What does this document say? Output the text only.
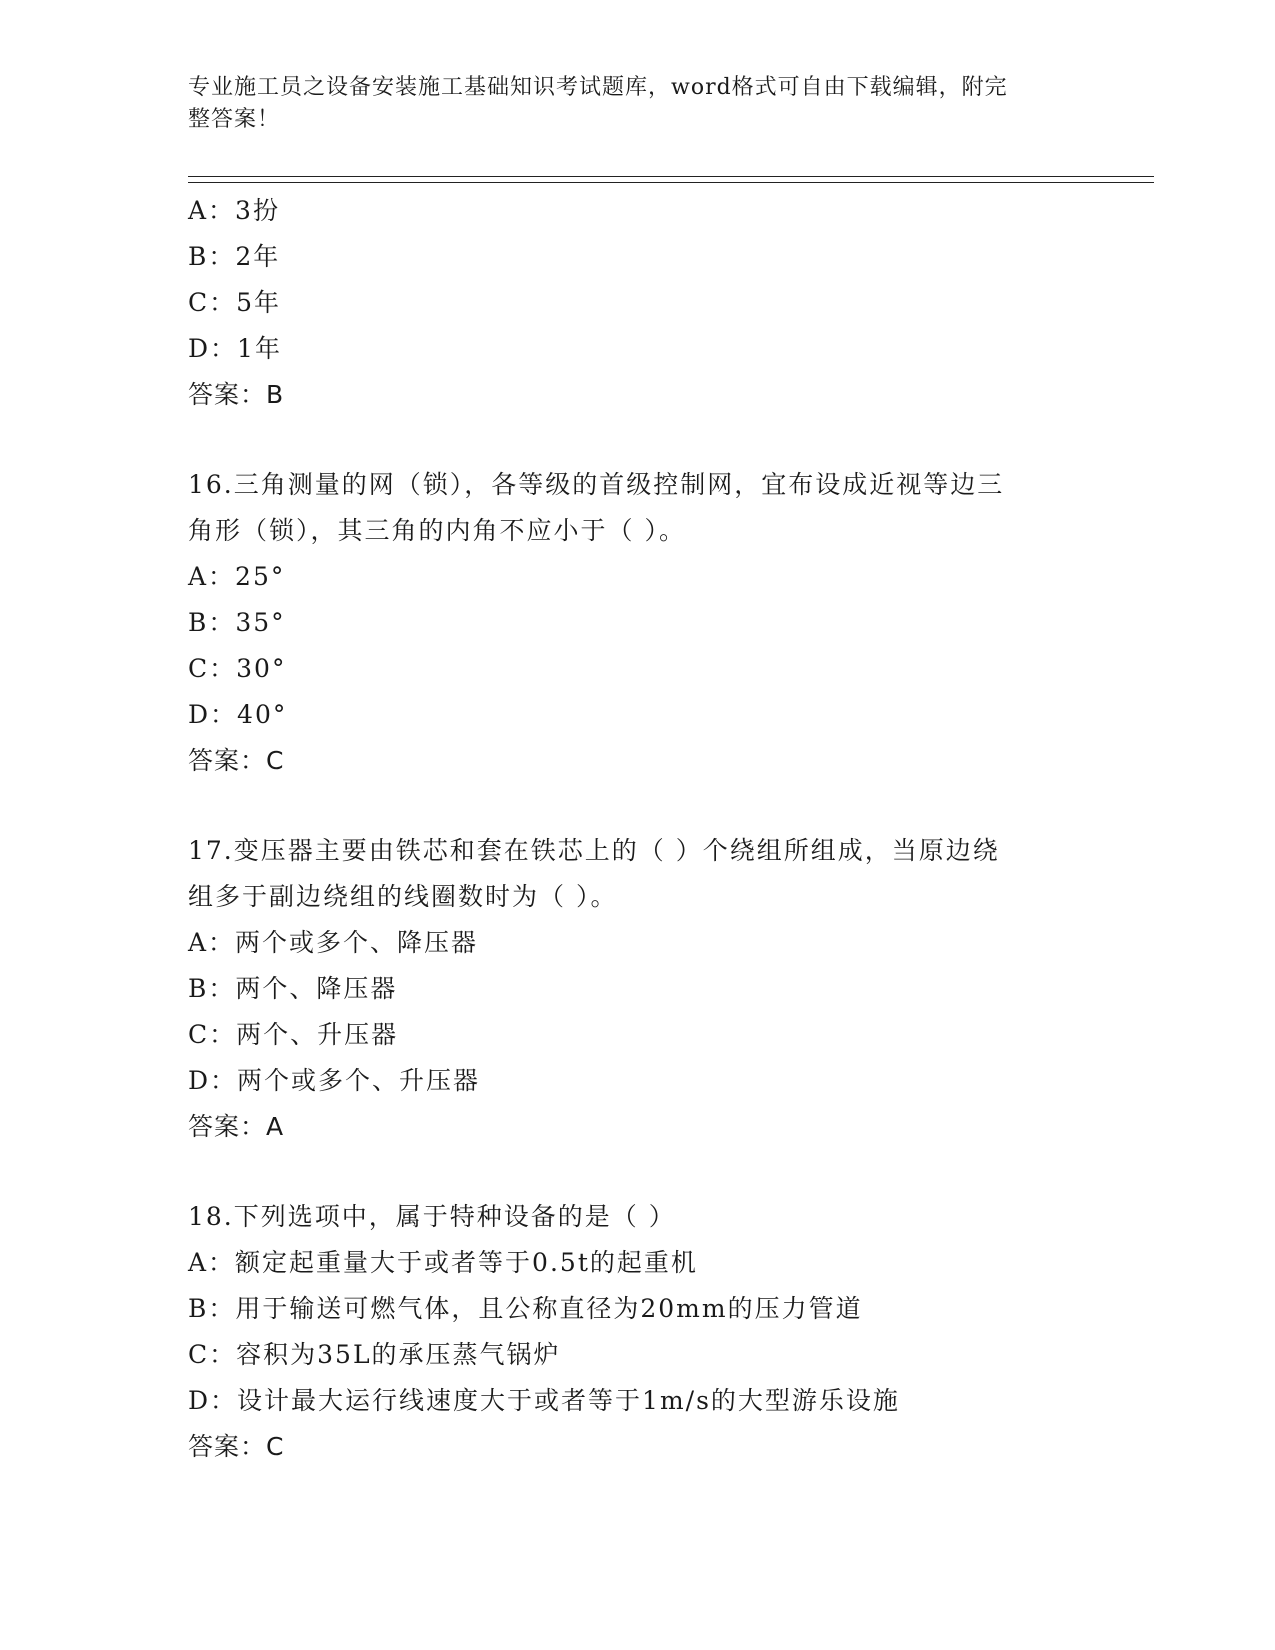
专业施工员之设备安装施工基础知识考试题库，word格式可自由下载编辑，附完
整答案！
A：3扮
B：2年
C：5年
D：1年
答案：B
16.三角测量的网（锁），各等级的首级控制网，宜布设成近视等边三
角形（锁），其三角的内角不应小于（ ）。
A：25°
B：35°
C：30°
D：40°
答案：C
17.变压器主要由铁芯和套在铁芯上的（ ）个绕组所组成，当原边绕
组多于副边绕组的线圈数时为（ ）。
A：两个或多个、降压器
B：两个、降压器
C：两个、升压器
D：两个或多个、升压器
答案：A
18.下列选项中，属于特种设备的是（ ）
A：额定起重量大于或者等于0.5t的起重机
B：用于输送可燃气体，且公称直径为20mm的压力管道
C：容积为35L的承压蒸气锅炉
D：设计最大运行线速度大于或者等于1m/s的大型游乐设施
答案：C
